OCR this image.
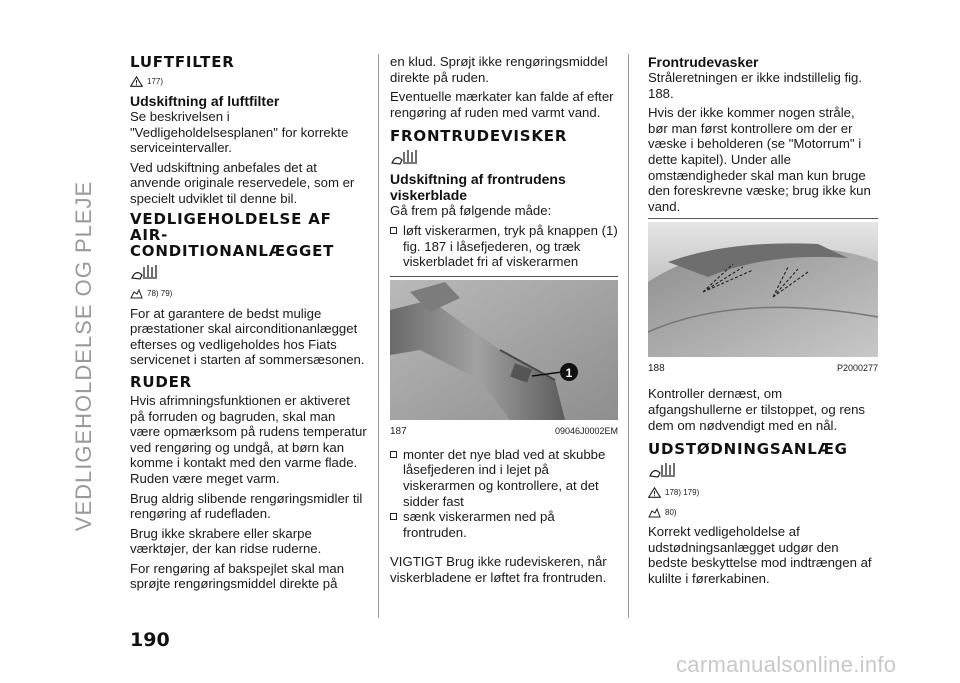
VEDLIGEHOLDELSE OG PLEJE
LUFTFILTER
177)
Udskiftning af luftfilter

Se beskrivelsen i "Vedligeholdelsesplanen" for korrekte serviceintervaller.

Ved udskiftning anbefales det at anvende originale reservedele, som er specielt udviklet til denne bil.

VEDLIGEHOLDELSE AF AIR-CONDITIONANLÆGGET
78) 79)

For at garantere de bedst mulige præstationer skal airconditionanlægget efterses og vedligeholdes hos Fiats servicenet i starten af sommersæsonen.

RUDER

Hvis afrimningsfunktionen er aktiveret på forruden og bagruden, skal man være opmærksom på rudens temperatur ved rengøring og undgå, at børn kan komme i kontakt med den varme flade. Ruden være meget varm.

Brug aldrig slibende rengøringsmidler til rengøring af rudefladen.

Brug ikke skrabere eller skarpe værktøjer, der kan ridse ruderne.

For rengøring af bakspejlet skal man sprøjte rengøringsmiddel direkte på

en klud. Sprøjt ikke rengøringsmiddel direkte på ruden.

Eventuelle mærkater kan falde af efter rengøring af ruden med varmt vand.

FRONTRUDEVISKER
Udskiftning af frontrudens viskerblade

Gå frem på følgende måde:

løft viskerarmen, tryk på knappen (1) fig. 187 i låsefjederen, og træk viskerbladet fri af viskerarmen
1
187	09046J0002EM
monter det nye blad ved at skubbe låsefjederen ind i lejet på viskerarmen og kontrollere, at det sidder fast
sænk viskerarmen ned på frontruden.

VIGTIGT Brug ikke rudeviskeren, når viskerbladene er løftet fra frontruden.

Frontrudevasker

Stråleretningen er ikke indstillelig fig. 188.

Hvis der ikke kommer nogen stråle, bør man først kontrollere om der er væske i beholderen (se "Motorrum" i dette kapitel). Under alle omstændigheder skal man kun bruge den foreskrevne væske; brug ikke kun vand.

188	P2000277

Kontroller dernæst, om afgangshullerne er tilstoppet, og rens dem om nødvendigt med en nål.

UDSTØDNINGSANLÆG
178) 179)
80)

Korrekt vedligeholdelse af udstødningsanlægget udgør den bedste beskyttelse mod indtrængen af kulilte i førerkabinen.

190
carmanualsonline.info
